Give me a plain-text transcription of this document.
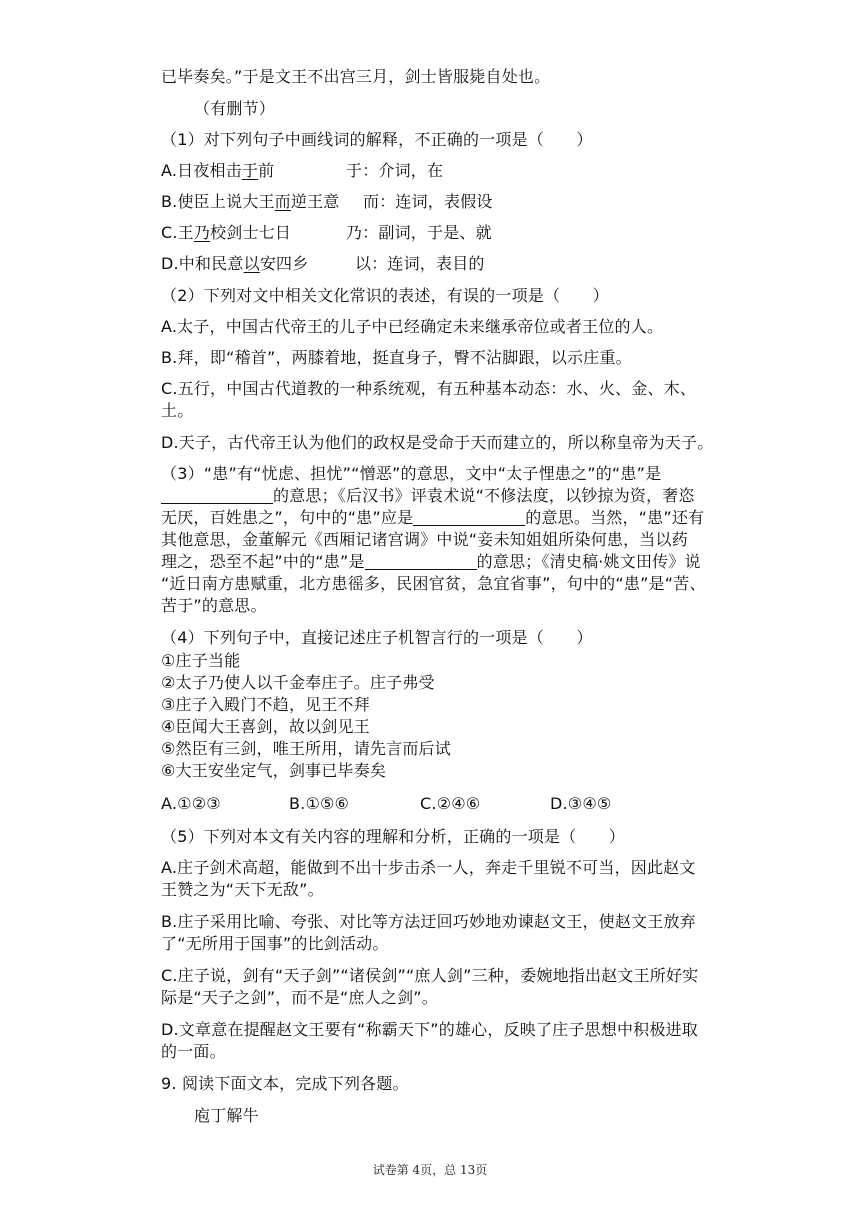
已毕奏矣。”于是文王不出宫三月，剑士皆服毙自处也。
（有删节）
（1）对下列句子中画线词的解释，不正确的一项是（　　）
A.日夜相击于前	于：介词，在
B.使臣上说大王而逆王意 而：连词，表假设
C.王乃校剑士七日	乃：副词，于是、就
D.中和民意以安四乡	以：连词，表目的
（2）下列对文中相关文化常识的表述，有误的一项是（　　）
A.太子，中国古代帝王的儿子中已经确定未来继承帝位或者王位的人。
B.拜，即“稽首”，两膝着地，挺直身子，臀不沾脚跟，以示庄重。
C.五行，中国古代道教的一种系统观，有五种基本动态：水、火、金、木、
土。
D.天子，古代帝王认为他们的政权是受命于天而建立的，所以称皇帝为天子。
（3）“患”有“忧虑、担忧”“憎恶”的意思，文中“太子悝患之”的“患”是
的意思；《后汉书》评袁术说“不修法度，以钞掠为资，奢恣
无厌，百姓患之”，句中的“患”应是	的意思。当然，“患”还有
其他意思，金董解元《西厢记诸宫调》中说“妾未知姐姐所染何患，当以药
理之，恐至不起”中的“患”是	的意思；《清史稿·姚文田传》说
“近日南方患赋重，北方患徭多，民困官贫，急宜省事”，句中的“患”是“苦、
苦于”的意思。
（4）下列句子中，直接记述庄子机智言行的一项是（　　）
①庄子当能
②太子乃使人以千金奉庄子。庄子弗受
③庄子入殿门不趋，见王不拜
④臣闻大王喜剑，故以剑见王
⑤然臣有三剑，唯王所用，请先言而后试
⑥大王安坐定气，剑事已毕奏矣
A.①②③	B.①⑤⑥	C.②④⑥	D.③④⑤
（5）下列对本文有关内容的理解和分析，正确的一项是（　　）
A.庄子剑术高超，能做到不出十步击杀一人，奔走千里锐不可当，因此赵文
王赞之为“天下无敌”。
B.庄子采用比喻、夸张、对比等方法迂回巧妙地劝谏赵文王，使赵文王放弃
了“无所用于国事”的比剑活动。
C.庄子说，剑有“天子剑”“诸侯剑”“庶人剑”三种，委婉地指出赵文王所好实
际是“天子之剑”，而不是“庶人之剑”。
D.文章意在提醒赵文王要有“称霸天下”的雄心，反映了庄子思想中积极进取
的一面。
9. 阅读下面文本，完成下列各题。
庖丁解牛
试卷第 4页，总 13页
